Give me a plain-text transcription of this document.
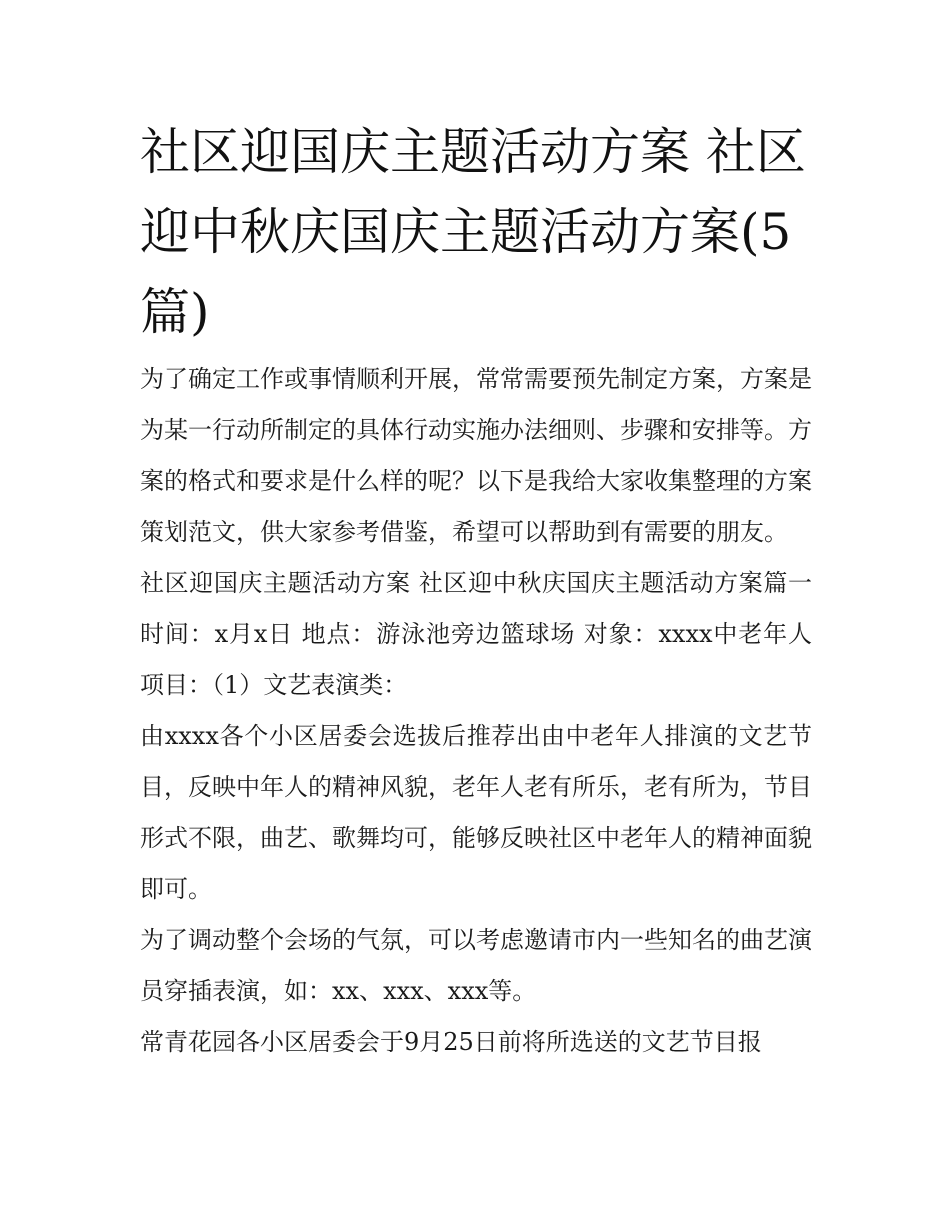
社区迎国庆主题活动方案 社区迎中秋庆国庆主题活动方案(5篇)

为了确定工作或事情顺利开展，常常需要预先制定方案，方案是为某一行动所制定的具体行动实施办法细则、步骤和安排等。方案的格式和要求是什么样的呢？以下是我给大家收集整理的方案策划范文，供大家参考借鉴，希望可以帮助到有需要的朋友。

社区迎国庆主题活动方案 社区迎中秋庆国庆主题活动方案篇一 时间：x月x日 地点：游泳池旁边篮球场 对象：xxxx中老年人 项目：（1）文艺表演类：

由xxxx各个小区居委会选拔后推荐出由中老年人排演的文艺节目，反映中年人的精神风貌，老年人老有所乐，老有所为，节目形式不限，曲艺、歌舞均可，能够反映社区中老年人的精神面貌即可。

为了调动整个会场的气氛，可以考虑邀请市内一些知名的曲艺演员穿插表演，如：xx、xxx、xxx等。

常青花园各小区居委会于9月25日前将所选送的文艺节目报
